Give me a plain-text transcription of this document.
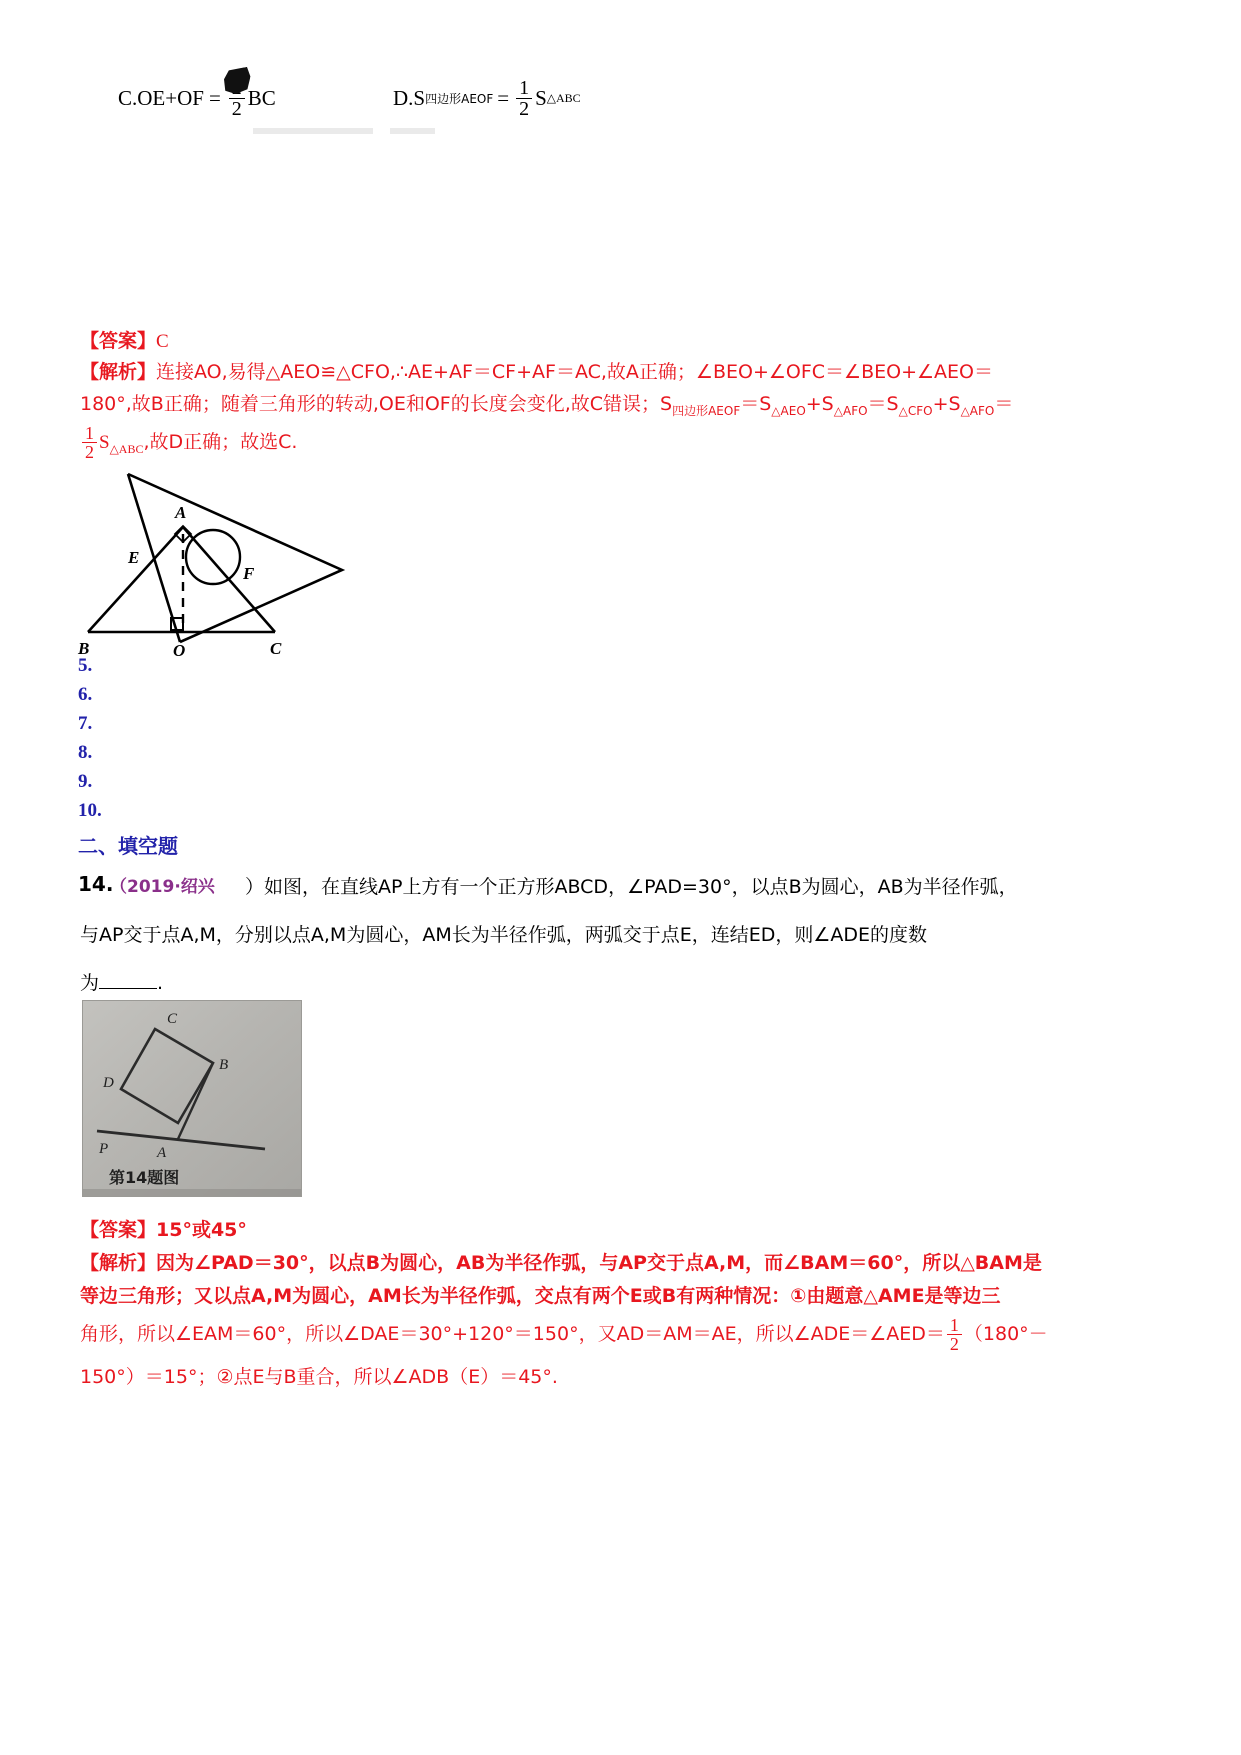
C.OE+OF = 2 BC	D.S 四边形AEOF = $\frac{1}{2}$ S △ABC
【答案】C
【解析】连接AO,易得△AEO≌△CFO,∴AE+AF＝CF+AF＝AC,故A正确；∠BEO+∠OFC＝∠BEO+∠AEO＝
180°,故B正确；随着三角形的转动,OE和OF的长度会变化,故C错误；$S_{四边形AEOF}=S_{\triangle AEO}+S_{\triangle AFO}=S_{\triangle CFO}+S_{\triangle AFO}=$
$\frac{1}{2} S_{\triangle ABC}$,故D正确；故选C.
A
E
F
B	O	C
5.
6.
7.
8.
9.
10.
二、填空题
14.
（2019·绍兴 ）如图，在直线AP上方有一个正方形ABCD，∠PAD=30°，以点B为圆心，AB为半径作弧，
与AP交于点A,M，分别以点A,M为圆心，AM长为半径作弧，两弧交于点E，连结ED，则∠ADE的度数
为	.
C
B
D
P	A
第14题图
【答案】15°或45°
【解析】因为∠PAD＝30°，以点B为圆心，AB为半径作弧，与AP交于点A,M，而∠BAM＝60°，所以△BAM是
等边三角形；又以点A,M为圆心，AM长为半径作弧，交点有两个E或B有两种情况：①由题意△AME是等边三
角形，所以∠EAM＝60°，所以∠DAE＝30°+120°＝150°，又AD＝AM＝AE，所以∠ADE＝∠AED＝ $\frac{1}{2} (180^\circ-$
150°）＝15°；②点E与B重合，所以∠ADB（E）＝45°.
